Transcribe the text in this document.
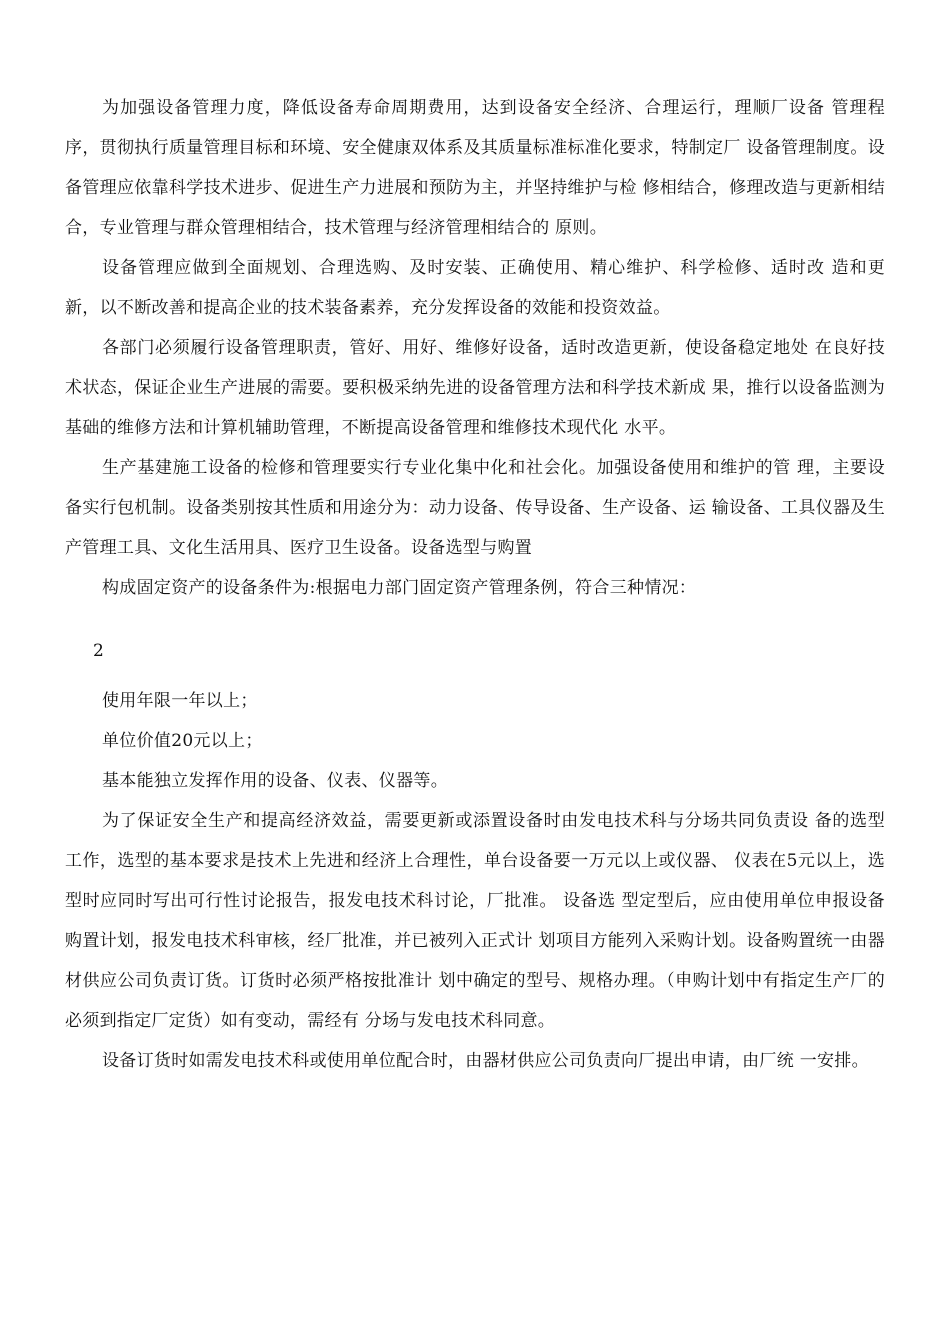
为加强设备管理力度，降低设备寿命周期费用，达到设备安全经济、合理运行，理顺厂设备 管理程序，贯彻执行质量管理目标和环境、安全健康双体系及其质量标准标准化要求，特制定厂 设备管理制度。设备管理应依靠科学技术进步、促进生产力进展和预防为主，并坚持维护与检 修相结合，修理改造与更新相结合，专业管理与群众管理相结合，技术管理与经济管理相结合的 原则。

设备管理应做到全面规划、合理选购、及时安装、正确使用、精心维护、科学检修、适时改 造和更新，以不断改善和提高企业的技术装备素养，充分发挥设备的效能和投资效益。

各部门必须履行设备管理职责，管好、用好、维修好设备，适时改造更新，使设备稳定地处 在良好技术状态，保证企业生产进展的需要。要积极采纳先进的设备管理方法和科学技术新成 果，推行以设备监测为基础的维修方法和计算机辅助管理，不断提高设备管理和维修技术现代化 水平。

生产基建施工设备的检修和管理要实行专业化集中化和社会化。加强设备使用和维护的管 理，主要设备实行包机制。设备类别按其性质和用途分为：动力设备、传导设备、生产设备、运 输设备、工具仪器及生产管理工具、文化生活用具、医疗卫生设备。设备选型与购置

构成固定资产的设备条件为:根据电力部门固定资产管理条例，符合三种情况：

2

使用年限一年以上；

单位价值20元以上；

基本能独立发挥作用的设备、仪表、仪器等。

为了保证安全生产和提高经济效益，需要更新或添置设备时由发电技术科与分场共同负责设 备的选型工作，选型的基本要求是技术上先进和经济上合理性，单台设备要一万元以上或仪器、 仪表在5元以上，选型时应同时写出可行性讨论报告，报发电技术科讨论，厂批准。 设备选 型定型后，应由使用单位申报设备购置计划，报发电技术科审核，经厂批准，并已被列入正式计 划项目方能列入采购计划。设备购置统一由器材供应公司负责订货。订货时必须严格按批准计 划中确定的型号、规格办理。（申购计划中有指定生产厂的必须到指定厂定货）如有变动，需经有 分场与发电技术科同意。

设备订货时如需发电技术科或使用单位配合时，由器材供应公司负责向厂提出申请，由厂统 一安排。
